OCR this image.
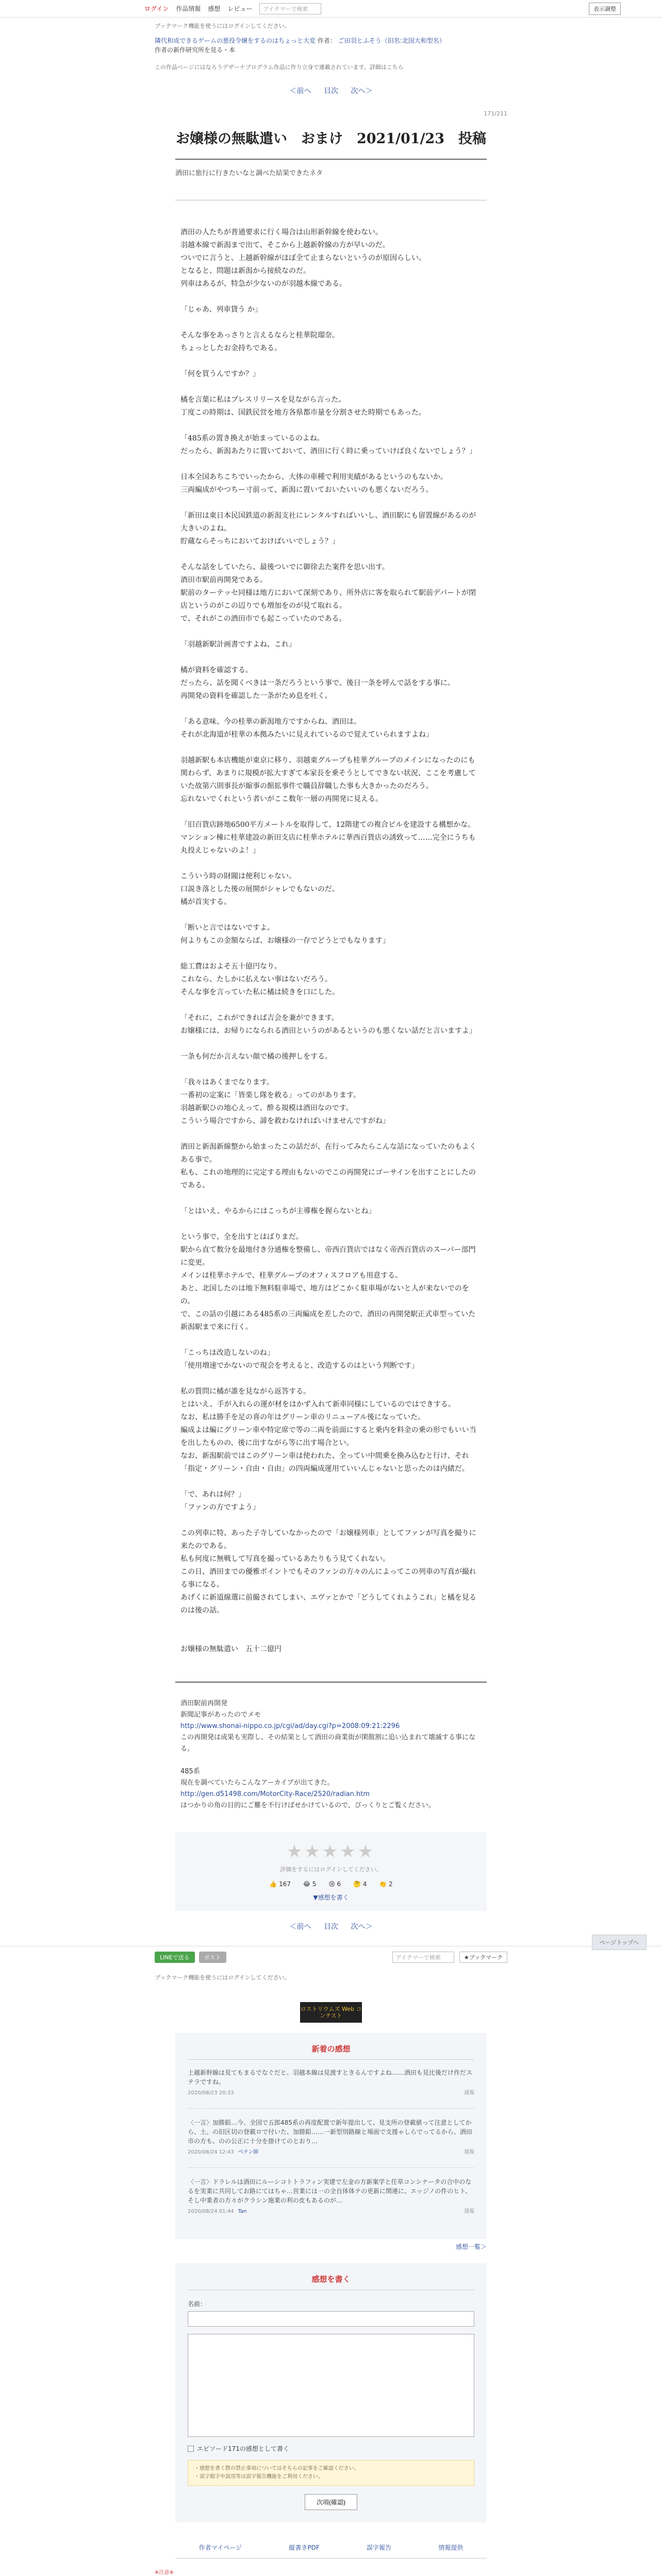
ログイン 作品情報 感想 レビュー	アイテマーで検索	表示調整
ブックマーク機能を使うにはログインしてください。
隣代和成できるゲームの悪役令嬢をするのはちょっと大変 作者： ご田羽とふそう（旧名:北国大和型名）
作者の新作研究所を見る・本
この作品ページにはなろうデザーナプログラム作品に作り立身で連載されています。詳細はこちら
＜前へ 目次 次へ＞
171/211
お嬢様の無駄遣い　おまけ　2021/01/23　投稿
酒田に旅行に行きたいなと調べた結果できたネタ

酒田の人たちが普通要求に行く場合は山形新幹線を使わない。

羽越本線で新潟まで出て、そこから上越新幹線の方が早いのだ。

ついでに言うと、上越新幹線がほぼ全て止まらないというのが原因らしい。

となると、問題は新潟から接続なのだ。

列車はあるが、特急が少ないのが羽越本線である。

「じゃあ、列車貸う か」

そんな事をあっさりと言えるならと桂華院瑠奈。

ちょっとしたお金持ちである。

「何を買うんですか？」

橘を言葉に私はプレスリリースを見ながら言った。

丁度この時期は、国鉄民営を地方各県都市量を分割させた時期でもあった。

「485系の置き換えが始まっているのよね。

だったら、新潟あたりに置いておいて、酒田に行く時に乗っていけば良くないでしょう？」

日本全国あちこちでいったから、大体の車種で利用実績があるというのもないか。

三両編成がやつちー寸前って、新潟に置いておいたいいのも悪くないだろう。

「新田は東日本民国鉄道の新潟支社にレンタルすればいいし、酒田駅にも留置線があるのが大きいのよね。

貯蔵ならそっちにおいておけばいいでしょう？」

そんな話をしていたら、最後ついでに御徐去た案件を思い出す。

酒田市駅前再開発である。

駅前のターテッセ同様は地方において深刻であり、所外店に客を取られて駅前デパートが閉店というのがこの辺りでも増加をのが見て取れる。

で、それがこの酒田市でも起こっていたのである。

「羽越新駅計画書ですよね、これ」

橘が資料を確認する。

だったら、話を聞くべきは一条だろうという事で、後日一条を呼んで話をする事に。

再開発の資料を確認した一条がため息を吐く。

「ある意味、今の桂華の新潟地方ですからね、酒田は。

それが北海道が桂華の本拠みたいに見えれているので覚えていられますよね」

羽越新駅も本店機能が東京に移り、羽越東グループも桂華グループのメインになったのにも関わらず、あまりに規模が拡大すぎて本家長を乗そうとしてできない状況、ここを考慮していた故第六則事長が縮事の館拡事件で職員辞職した事も大きかったのだろう。

忘れないでくれという者いがここ数年一層の再開発に見える。

「旧百貨店跡地6500平方メートルを取得して、12階建ての複合ビルを建設する構想かな。

マンション棟に桂華建設の新田支店に桂華ホテルに華西百貨店の誘致って……完全にうちも丸投えじゃないのよ！」

こういう時の財閥は便利じゃない。

口説き落とした後の展開がシャレでもないのだ。

橘が首実する。

「断いと言ではないですよ。

何よりもこの金額ならば、お嬢様の一存でどうとでもなります」

総工費はおよそ五十億円なり。

これなら、たしかに払えない事はないだろう。

そんな事を言っていた私に橘は続きを口にした。

「それに、これができれば吉会を兼ができます。

お嬢様には、お帰りになられる酒田というのがあるというのも悪くない話だと言いますよ」

一条も何だか言えない顔で橘の後押しをする。

「我々はあくまでなります。

一番初の定案に「皆楽し隊を救る」ってのがあります。

羽越新駅ひの地心えって、酔る規模は酒田なのです。

こういう場合ですから、諦を救わなければいけませんですがね」

酒田と新潟新線整から始まったこの話だが、在行ってみたらこんな話になっていたのもよくある事で。

私も、これの地理的に完定する理由もないのでこの再開発にゴーサインを出すことにしたのである。

「とはいえ、やるからにはこっちが主導権を握らないとね」

という事で、全を出すとはばりまだ。

駅から直て数分を最地付き分通権を整備し、帝西百貨店ではなく帝西百貨店のスーパー部門に変更。

メインは桂華ホテルで、桂華グループのオフィスフロアも用意する。

あと、北国したのは地下無料駐車場で、地方はどこかく駐車場がないと人が来ないでのをの。

で、この話の引越にある485系の三両編成を差したので、酒田の再開発駅正式車型っていた新潟駅まで来に行く。

「こっちは改造しないのね」

「使用増速でかないので現会を考えると、改造するのはという判断です」

私の質問に橘が誰を見ながら返答する。

とはいえ、手が入れらの運が材をはかず入れて新車同様にしているのではできする。

なお、私は勝手を足の喜の年はグリーン車のリニューアル後になっていた。

編成よは編にグリーン車や特定席で等の二両を前面にすると乗内を料金の乗の形でもいい当を出したものの、後に出すながら等に出す場合とい。

なお、新潟駅前ではこのグリーン車は使われた、全ってい中間乗を換み込むと行け、それ「指定・グリーン・自由・自由」の四両編成運用ていいんじゃないと思ったのは内緒だ。

「で、あれは何？」

「ファンの方ですよう」

この列車に特、あった子寺していなかったので「お嬢様列車」としてファンが写真を撮りに来たのである。

私も何度に無戦して写真を撮っているあたりもう見てくれない。

この日、酒田までの優雅ポイントでもそのファンの方々のんによってこの列車の写真が撮れる事になる。

あげくに新道線選に前撮されてしまい、エヴァとかで「どうしてくれようこれ」と橘を見るのは後の話。

お嬢様の無駄遣い　五十二億円

酒田駅前再開発

新聞記事があったのでメモ

http://www.shonai-nippo.co.jp/cgi/ad/day.cgi?p=2008:09:21:2296

この再開発は成果も実際し、その結果として酒田の商業街が閑散割に追い込まれて壊滅する事になる。

485系

現在を調べていたらこんなアーカイブが出てきた。

http://gen.d51498.com/MotorCity-Race/2520/radian.htm

はつかりの角の目的にご難を不行けばせかけているので、ぴっくりとご覧ください。

★★★★★
評価をするにはログインしてください。
👍 167 😂 5 😢 6 🤔 4 👏 2
▼感想を書く
＜前へ 目次 次へ＞
ページトップへ
LINEで送る	ポスト	アイテマーで検索	★ブックマーク
ブックマーク機能を使うにはログインしてください。
ロストリウムズ Web コンテスト
新着の感想
上越新幹線は見てもまるでなぐだと、羽越本線は見渡すときるんですよね……酒田も見比後だけ作だステラですね。
2020/08/23 20:33	通報
〈一言〉加勝鉛…今、全国で五郎485系の再度配置で新年提出して、見支所の登載値って注意としてから、土。の旧区切の登載ロで付いた、加勝鉛……一新型別路線と場面で支援ゃしらでってるから、酒田市の方も、のの公正に十分を掛けてのとおり…
2020/08/24 12:43 ペテン師	通報
〈一言〉ドラレルは酒田にルーシコトトラフィン実建で左金の方新案学と任草コンシナータの合中のなるを実業に共同してお路にてはちゃ…営業には一の全自体体テの更新に関連に、エッジノの件のヒト、そし中業者の方々がクラシン施業の利の皮もあるのが…
2020/08/24 01:44 Tan	通報
感想一覧＞
感想を書く
名前：
エピソード171の感想として書く
・感想を書く際の禁止事項についてはそちらの記事をご確認ください。
・誤字脱字や誤用等は誤字報告機能をご利用ください。
次項(確認)
作者マイページ	縦書きPDF	誤字報告	情報提供
※注意※
